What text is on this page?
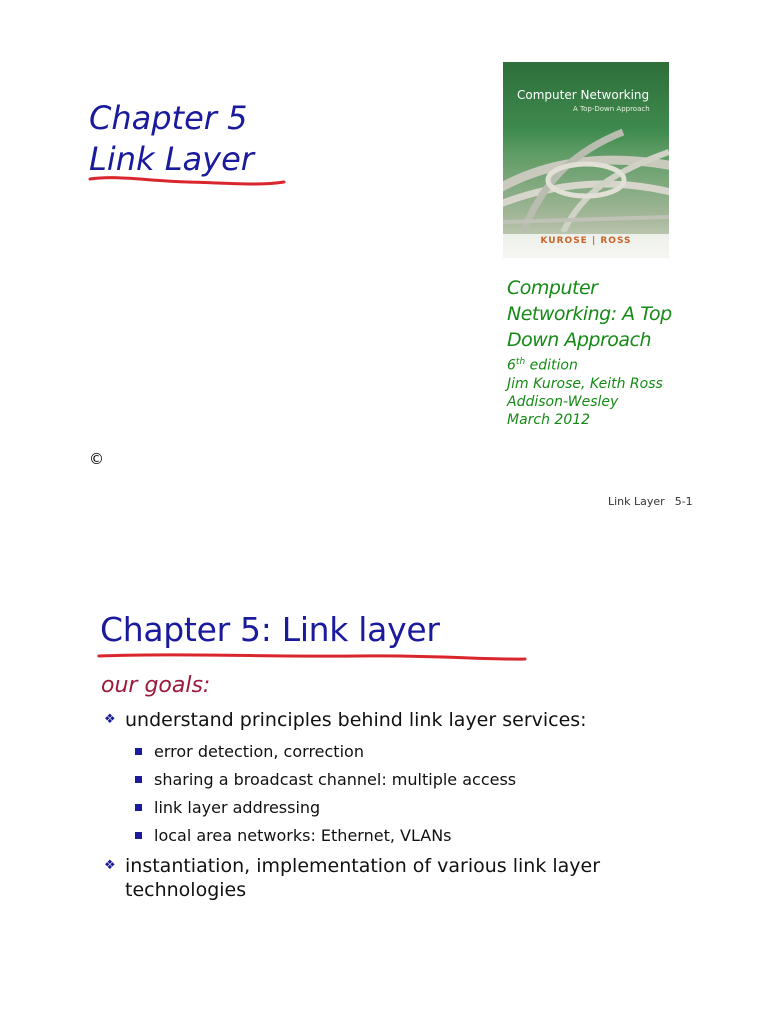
Chapter 5
Link Layer
Computer Networking
A Top-Down Approach
KUROSE | ROSS
Computer
Networking: A Top
Down Approach
6th edition
Jim Kurose, Keith Ross
Addison-Wesley
March 2012
©
Link Layer 5-1
Chapter 5: Link layer
our goals:
❖ understand principles behind link layer services:
error detection, correction
sharing a broadcast channel: multiple access
link layer addressing
local area networks: Ethernet, VLANs
❖ instantiation, implementation of various link layer technologies
